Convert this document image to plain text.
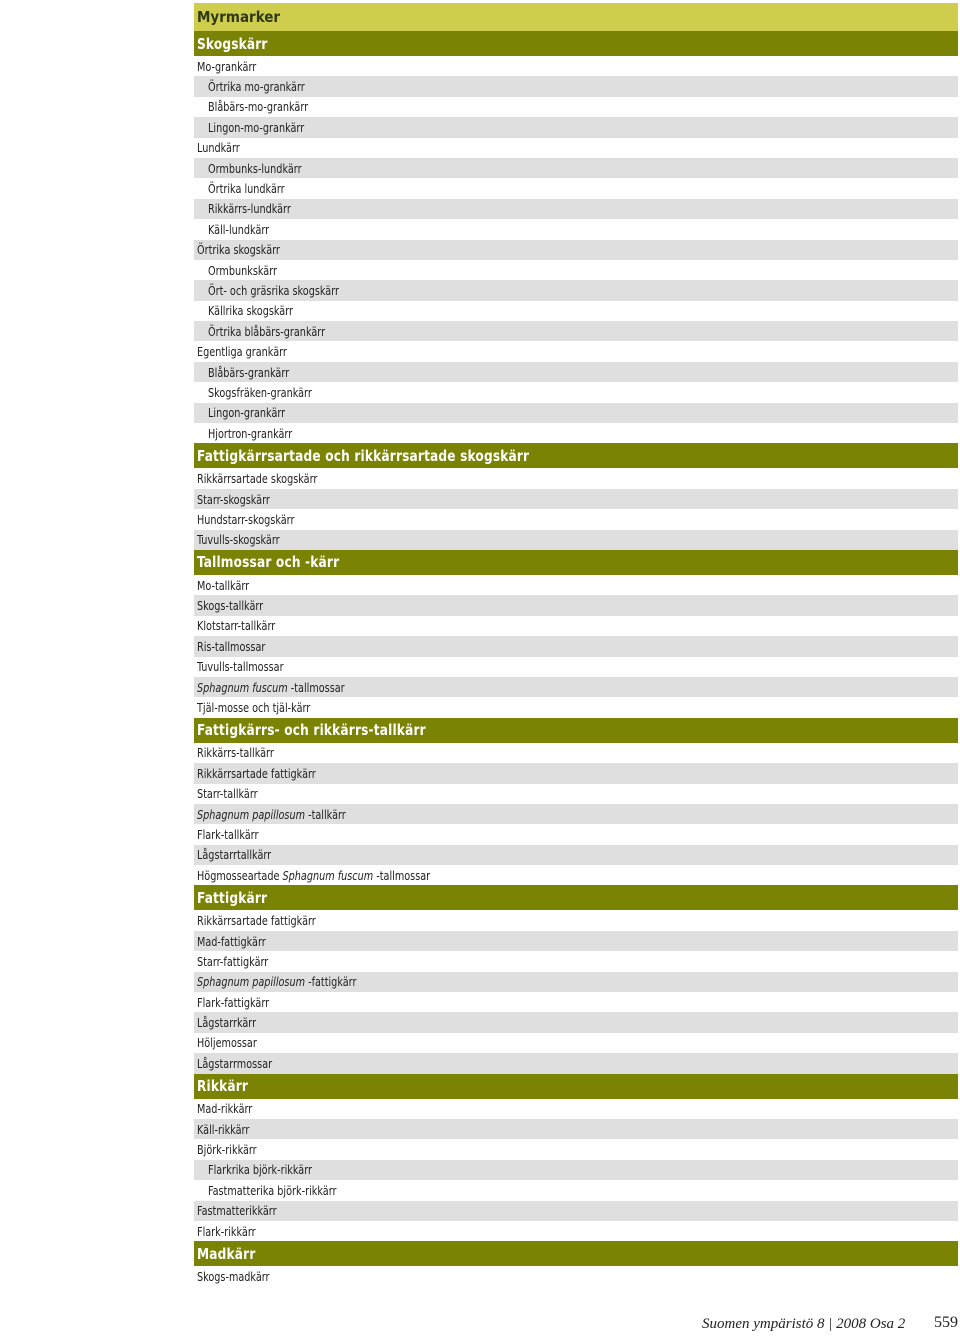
Myrmarker
Skogskärr
Mo-grankärr
Örtrika mo-grankärr
Blåbärs-mo-grankärr
Lingon-mo-grankärr
Lundkärr
Ormbunks-lundkärr
Örtrika lundkärr
Rikkärrs-lundkärr
Käll-lundkärr
Örtrika skogskärr
Ormbunkskärr
Ört- och gräsrika skogskärr
Källrika skogskärr
Örtrika blåbärs-grankärr
Egentliga grankärr
Blåbärs-grankärr
Skogsfräken-grankärr
Lingon-grankärr
Hjortron-grankärr
Fattigkärrsartade och rikkärrsartade skogskärr
Rikkärrsartade skogskärr
Starr-skogskärr
Hundstarr-skogskärr
Tuvulls-skogskärr
Tallmossar och -kärr
Mo-tallkärr
Skogs-tallkärr
Klotstarr-tallkärr
Ris-tallmossar
Tuvulls-tallmossar
Sphagnum fuscum -tallmossar
Tjäl-mosse och tjäl-kärr
Fattigkärrs- och rikkärrs-tallkärr
Rikkärrs-tallkärr
Rikkärrsartade fattigkärr
Starr-tallkärr
Sphagnum papillosum -tallkärr
Flark-tallkärr
Lågstarrtallkärr
Högmosseartade Sphagnum fuscum -tallmossar
Fattigkärr
Rikkärrsartade fattigkärr
Mad-fattigkärr
Starr-fattigkärr
Sphagnum papillosum -fattigkärr
Flark-fattigkärr
Lågstarrkärr
Höljemossar
Lågstarrmossar
Rikkärr
Mad-rikkärr
Käll-rikkärr
Björk-rikkärr
Flarkrika björk-rikkärr
Fastmatterika björk-rikkärr
Fastmatterikkärr
Flark-rikkärr
Madkärr
Skogs-madkärr
Suomen ympäristö 8 | 2008 Osa 2 559
